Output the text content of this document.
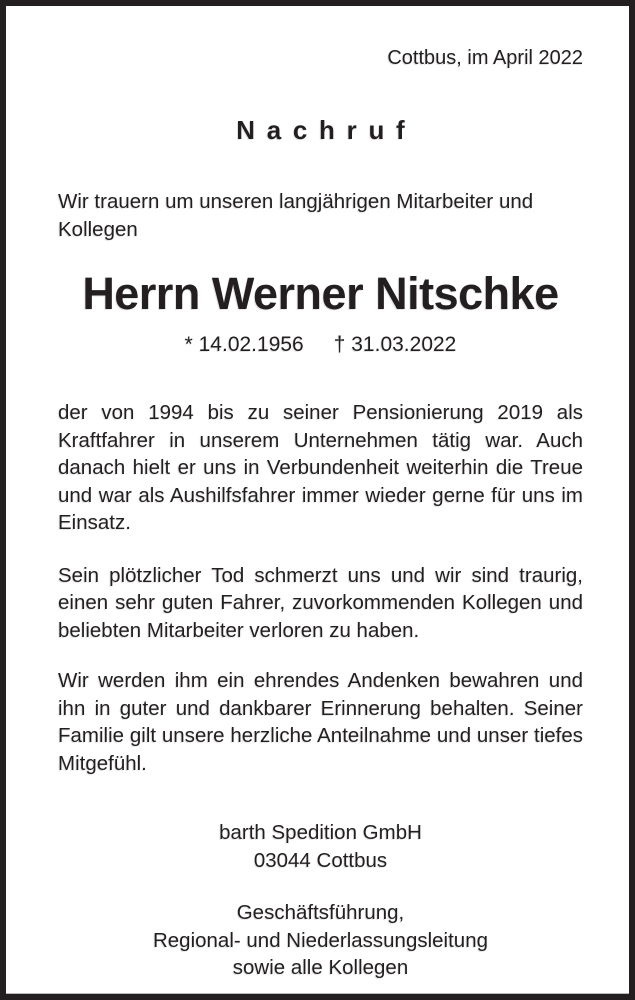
Cottbus, im April 2022
Nachruf
Wir trauern um unseren langjährigen Mitarbeiter und Kollegen
Herrn Werner Nitschke
* 14.02.1956 † 31.03.2022
der von 1994 bis zu seiner Pensionierung 2019 als Kraftfahrer in unserem Unternehmen tätig war. Auch danach hielt er uns in Verbundenheit weiterhin die Treue und war als Aushilfsfahrer immer wieder gerne für uns im Einsatz.
Sein plötzlicher Tod schmerzt uns und wir sind traurig, einen sehr guten Fahrer, zuvorkommenden Kollegen und beliebten Mitarbeiter verloren zu haben.
Wir werden ihm ein ehrendes Andenken bewahren und ihn in guter und dankbarer Erinnerung behalten. Seiner Familie gilt unsere herzliche Anteilnahme und unser tiefes Mitgefühl.
barth Spedition GmbH
03044 Cottbus
Geschäftsführung,
Regional- und Niederlassungsleitung
sowie alle Kollegen
